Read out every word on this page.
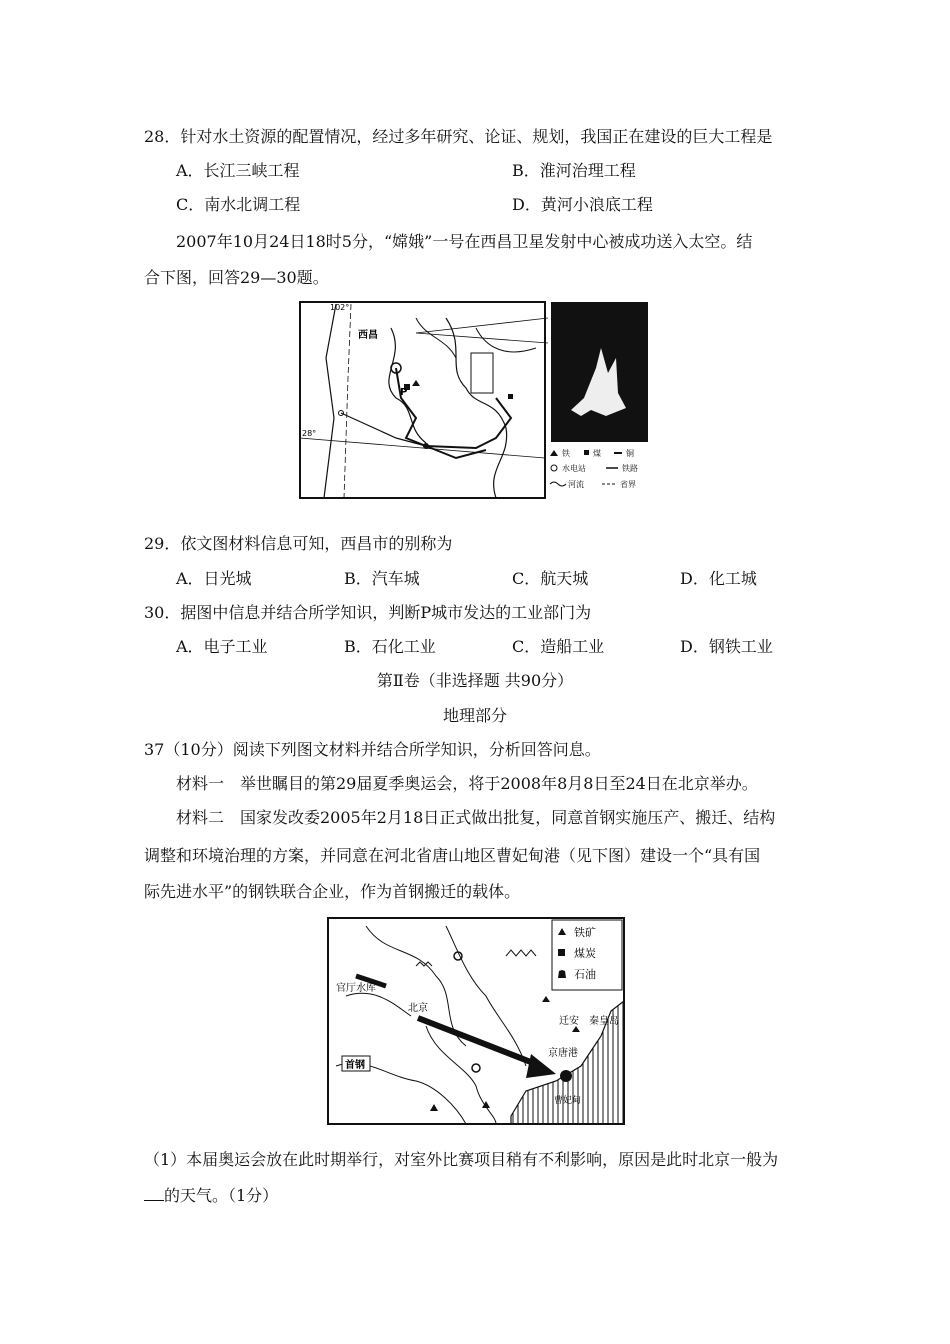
28．针对水土资源的配置情况，经过多年研究、论证、规划，我国正在建设的巨大工程是
A．长江三峡工程	B．淮河治理工程
C．南水北调工程	D．黄河小浪底工程
2007年10月24日18时5分，“嫦娥”一号在西昌卫星发射中心被成功送入太空。结
合下图，回答29—30题。
西昌
P
102°
28°
铁	煤	铜
水电站	铁路
河流	省界
29．依文图材料信息可知，西昌市的别称为
A．日光城	B．汽车城	C．航天城	D．化工城
30．据图中信息并结合所学知识，判断P城市发达的工业部门为
A．电子工业	B．石化工业	C．造船工业	D．钢铁工业
第Ⅱ卷（非选择题 共90分）
地理部分
37（10分）阅读下列图文材料并结合所学知识，分析回答问息。
材料一　举世瞩目的第29届夏季奥运会，将于2008年8月8日至24日在北京举办。
材料二　国家发改委2005年2月18日正式做出批复，同意首钢实施压产、搬迁、结构
调整和环境治理的方案，并同意在河北省唐山地区曹妃甸港（见下图）建设一个“具有国
际先进水平”的钢铁联合企业，作为首钢搬迁的载体。
官厅水库
北京
迁安 秦皇岛
京唐港
首钢
曹妃甸
铁矿
煤炭
石油
（1）本届奥运会放在此时期举行，对室外比赛项目稍有不利影响，原因是此时北京一般为
的天气。（1分）
